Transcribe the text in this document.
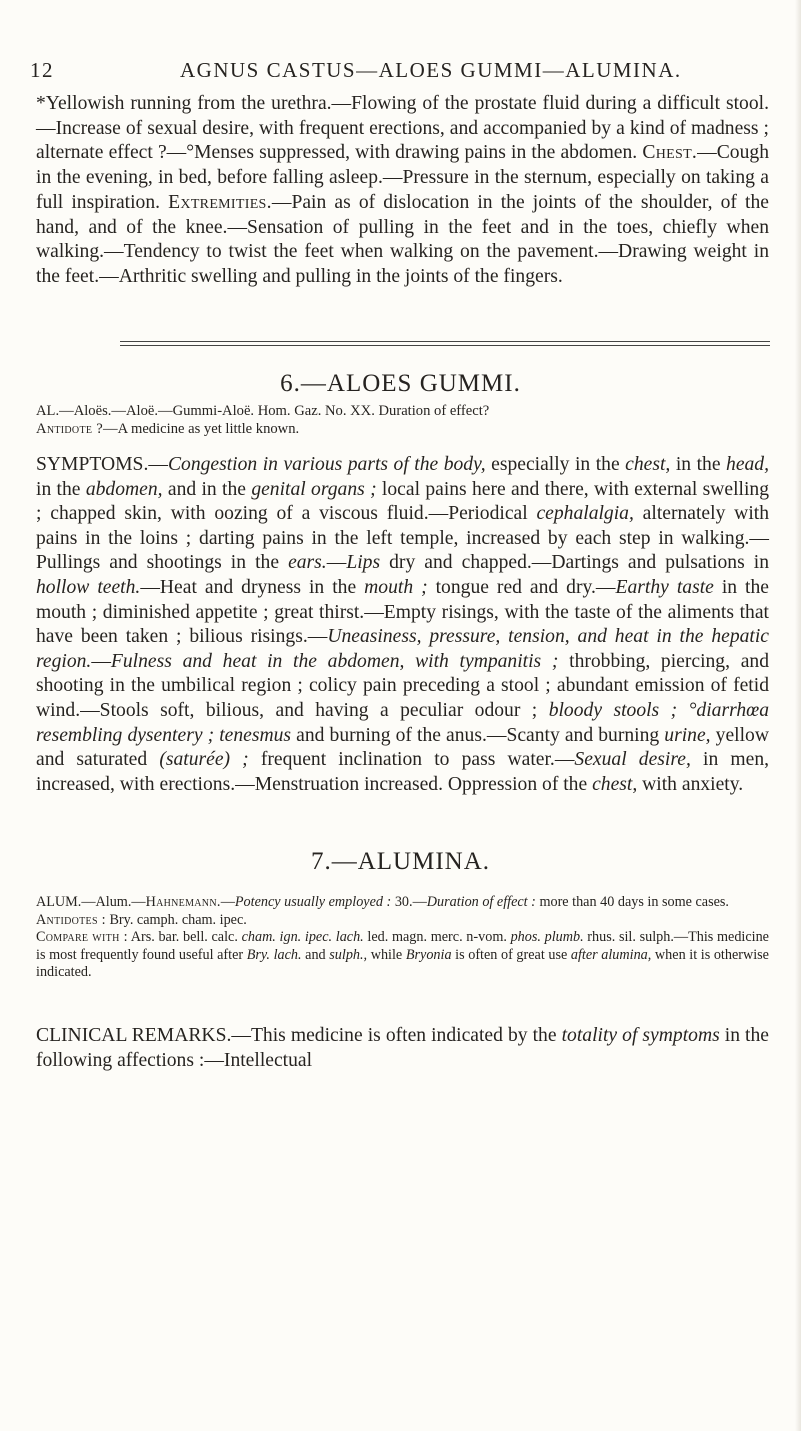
12	AGNUS CASTUS—ALOES GUMMI—ALUMINA.
*Yellowish running from the urethra.—Flowing of the prostate fluid during a difficult stool.—Increase of sexual desire, with frequent erections, and accompanied by a kind of madness ; alternate effect ?—°Menses suppressed, with drawing pains in the abdomen. Chest.—Cough in the evening, in bed, before falling asleep.—Pressure in the sternum, especially on taking a full inspiration. Extremities.—Pain as of dislocation in the joints of the shoulder, of the hand, and of the knee.—Sensation of pulling in the feet and in the toes, chiefly when walking.—Tendency to twist the feet when walking on the pavement.—Drawing weight in the feet.—Arthritic swelling and pulling in the joints of the fingers.
6.—ALOES GUMMI.
AL.—Aloës.—Aloë.—Gummi-Aloë. Hom. Gaz. No. XX. Duration of effect?
Antidote ?—A medicine as yet little known.
SYMPTOMS.—Congestion in various parts of the body, especially in the chest, in the head, in the abdomen, and in the genital organs ; local pains here and there, with external swelling ; chapped skin, with oozing of a viscous fluid.—Periodical cephalalgia, alternately with pains in the loins ; darting pains in the left temple, increased by each step in walking.—Pullings and shootings in the ears.—Lips dry and chapped.—Dartings and pulsations in hollow teeth.—Heat and dryness in the mouth ; tongue red and dry.—Earthy taste in the mouth ; diminished appetite ; great thirst.—Empty risings, with the taste of the aliments that have been taken ; bilious risings.—Uneasiness, pressure, tension, and heat in the hepatic region.—Fulness and heat in the abdomen, with tympanitis ; throbbing, piercing, and shooting in the umbilical region ; colicy pain preceding a stool ; abundant emission of fetid wind.—Stools soft, bilious, and having a peculiar odour ; bloody stools ; °diarrhœa resembling dysentery ; tenesmus and burning of the anus.—Scanty and burning urine, yellow and saturated (saturée) ; frequent inclination to pass water.—Sexual desire, in men, increased, with erections.—Menstruation increased. Oppression of the chest, with anxiety.
7.—ALUMINA.
ALUM.—Alum.—Hahnemann.—Potency usually employed : 30.—Duration of effect : more than 40 days in some cases.
Antidotes : Bry. camph. cham. ipec.
Compare with : Ars. bar. bell. calc. cham. ign. ipec. lach. led. magn. merc. n-vom. phos. plumb. rhus. sil. sulph.—This medicine is most frequently found useful after Bry. lach. and sulph., while Bryonia is often of great use after alumina, when it is otherwise indicated.
CLINICAL REMARKS.—This medicine is often indicated by the totality of symptoms in the following affections :—Intellectual
